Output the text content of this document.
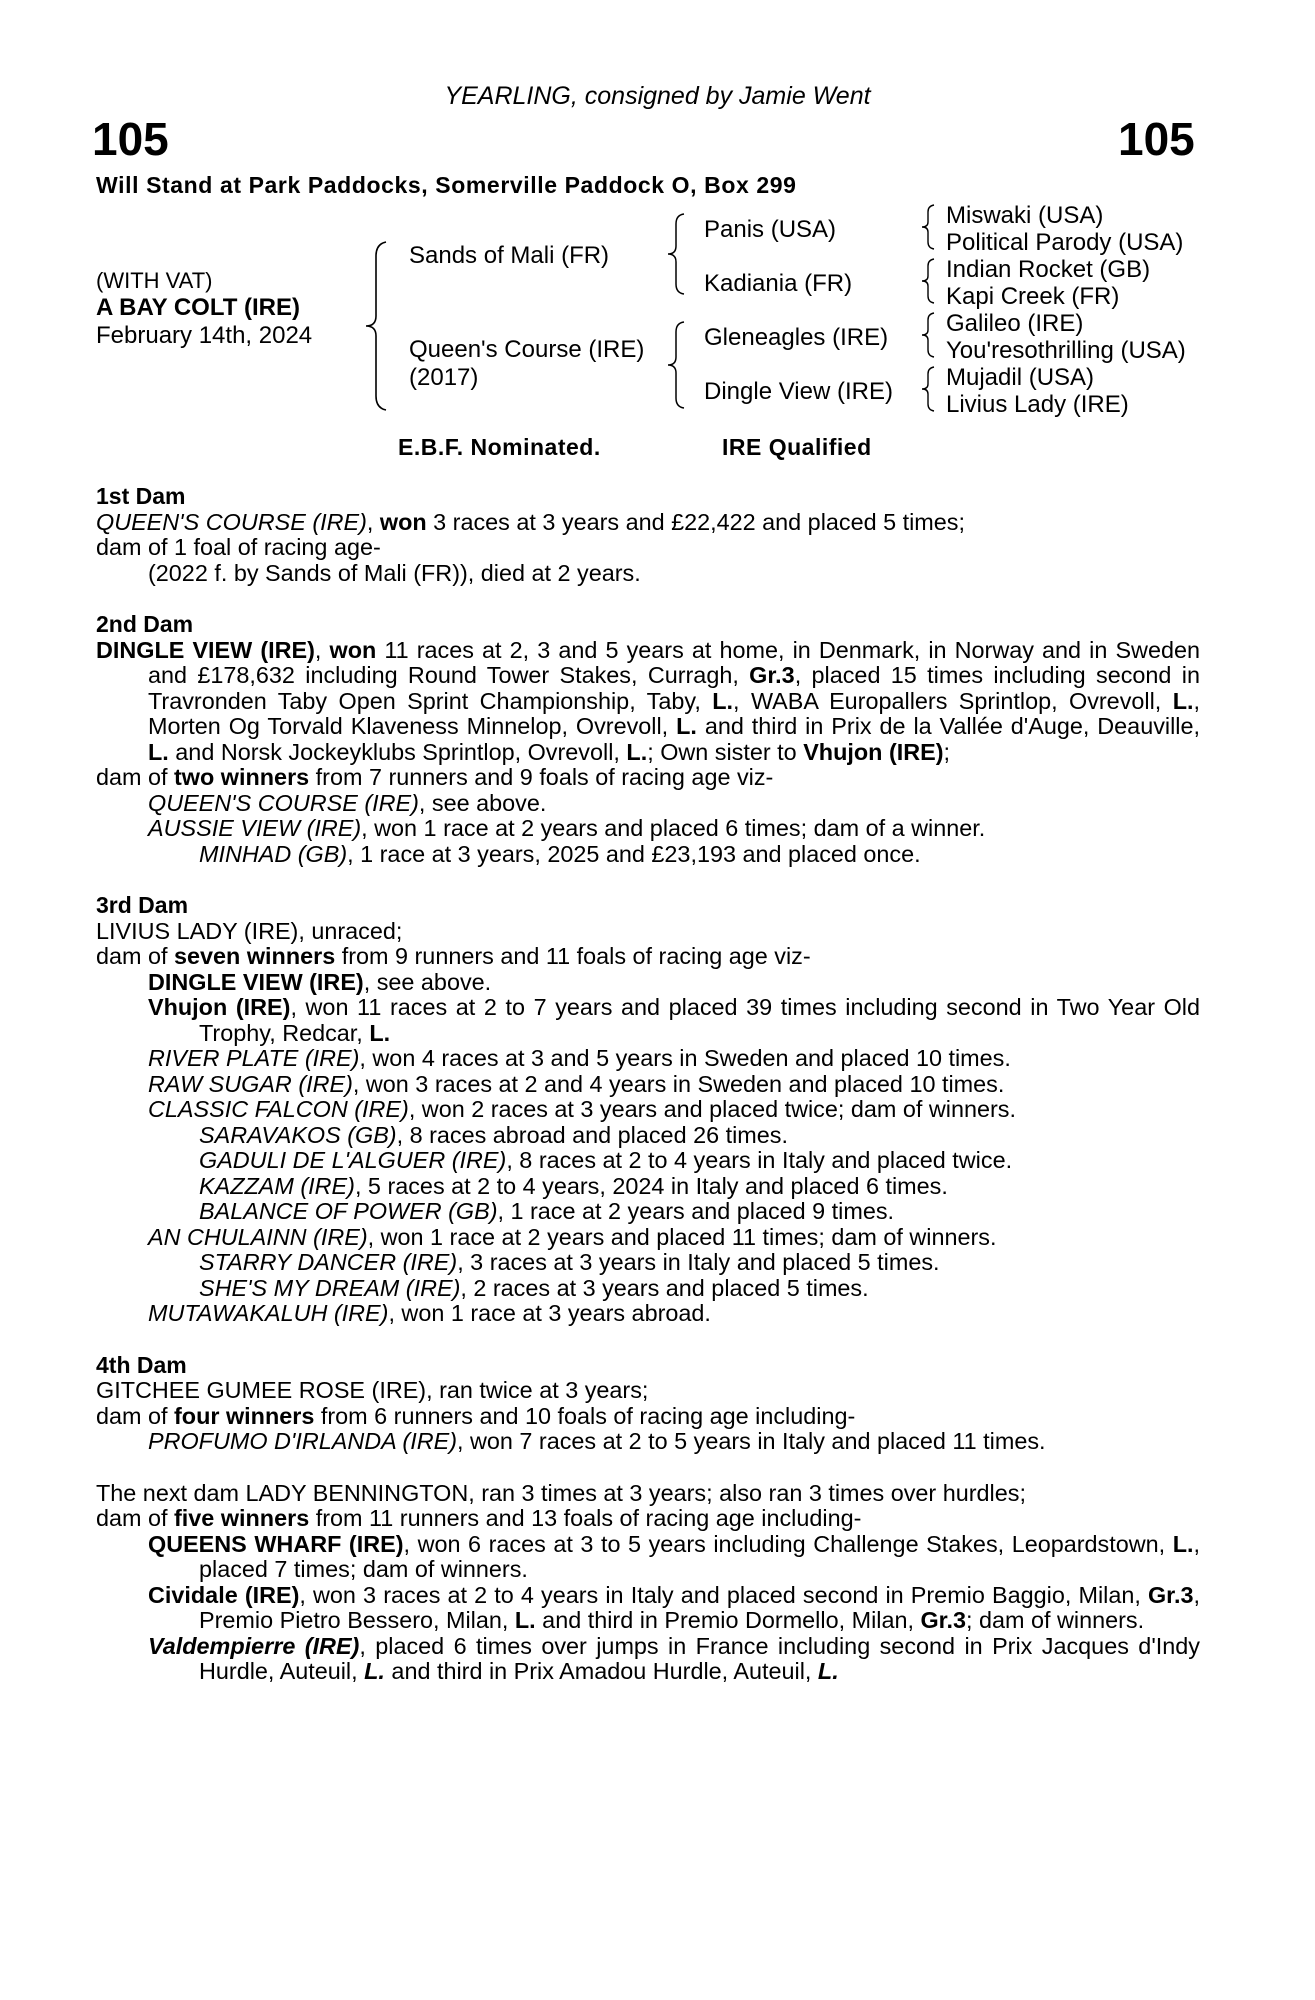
YEARLING, consigned by Jamie Went
105	105
Will Stand at Park Paddocks, Somerville Paddock O, Box 299
(WITH VAT)
A BAY COLT (IRE)
February 14th, 2024
Sands of Mali (FR)
Queen's Course (IRE)
(2017)
Panis (USA)
Kadiania (FR)
Gleneagles (IRE)
Dingle View (IRE)
Miswaki (USA)
Political Parody (USA)
Indian Rocket (GB)
Kapi Creek (FR)
Galileo (IRE)
You'resothrilling (USA)
Mujadil (USA)
Livius Lady (IRE)
E.B.F. Nominated.	IRE Qualified

1st Dam

QUEEN'S COURSE (IRE), won 3 races at 3 years and £22,422 and placed 5 times;

dam of 1 foal of racing age-

(2022 f. by Sands of Mali (FR)), died at 2 years.

2nd Dam

DINGLE VIEW (IRE), won 11 races at 2, 3 and 5 years at home, in Denmark, in Norway and in Sweden and £178,632 including Round Tower Stakes, Curragh, Gr.3, placed 15 times including second in Travronden Taby Open Sprint Championship, Taby, L., WABA Europallers Sprintlop, Ovrevoll, L., Morten Og Torvald Klaveness Minnelop, Ovrevoll, L. and third in Prix de la Vallée d'Auge, Deauville, L. and Norsk Jockeyklubs Sprintlop, Ovrevoll, L.; Own sister to Vhujon (IRE);

dam of two winners from 7 runners and 9 foals of racing age viz-

QUEEN'S COURSE (IRE), see above.

AUSSIE VIEW (IRE), won 1 race at 2 years and placed 6 times; dam of a winner.

MINHAD (GB), 1 race at 3 years, 2025 and £23,193 and placed once.

3rd Dam

LIVIUS LADY (IRE), unraced;

dam of seven winners from 9 runners and 11 foals of racing age viz-

DINGLE VIEW (IRE), see above.

Vhujon (IRE), won 11 races at 2 to 7 years and placed 39 times including second in Two Year Old Trophy, Redcar, L.

RIVER PLATE (IRE), won 4 races at 3 and 5 years in Sweden and placed 10 times.

RAW SUGAR (IRE), won 3 races at 2 and 4 years in Sweden and placed 10 times.

CLASSIC FALCON (IRE), won 2 races at 3 years and placed twice; dam of winners.

SARAVAKOS (GB), 8 races abroad and placed 26 times.

GADULI DE L'ALGUER (IRE), 8 races at 2 to 4 years in Italy and placed twice.

KAZZAM (IRE), 5 races at 2 to 4 years, 2024 in Italy and placed 6 times.

BALANCE OF POWER (GB), 1 race at 2 years and placed 9 times.

AN CHULAINN (IRE), won 1 race at 2 years and placed 11 times; dam of winners.

STARRY DANCER (IRE), 3 races at 3 years in Italy and placed 5 times.

SHE'S MY DREAM (IRE), 2 races at 3 years and placed 5 times.

MUTAWAKALUH (IRE), won 1 race at 3 years abroad.

4th Dam

GITCHEE GUMEE ROSE (IRE), ran twice at 3 years;

dam of four winners from 6 runners and 10 foals of racing age including-

PROFUMO D'IRLANDA (IRE), won 7 races at 2 to 5 years in Italy and placed 11 times.

The next dam LADY BENNINGTON, ran 3 times at 3 years; also ran 3 times over hurdles;

dam of five winners from 11 runners and 13 foals of racing age including-

QUEENS WHARF (IRE), won 6 races at 3 to 5 years including Challenge Stakes, Leopardstown, L., placed 7 times; dam of winners.

Cividale (IRE), won 3 races at 2 to 4 years in Italy and placed second in Premio Baggio, Milan, Gr.3, Premio Pietro Bessero, Milan, L. and third in Premio Dormello, Milan, Gr.3; dam of winners.

Valdempierre (IRE), placed 6 times over jumps in France including second in Prix Jacques d'Indy Hurdle, Auteuil, L. and third in Prix Amadou Hurdle, Auteuil, L.
